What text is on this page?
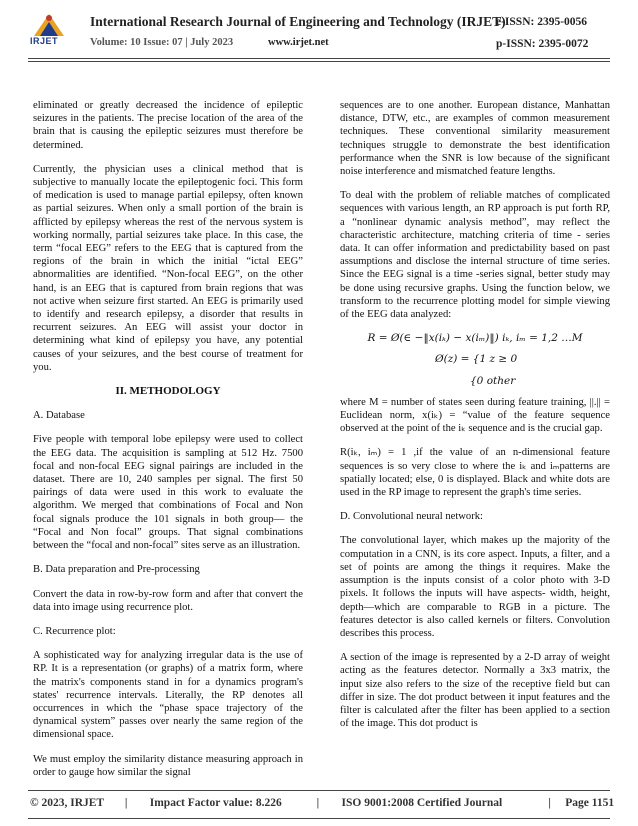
IRJET
International Research Journal of Engineering and Technology (IRJET)
e-ISSN: 2395-0056
Volume: 10 Issue: 07 | July 2023	www.irjet.net	p-ISSN: 2395-0072

eliminated or greatly decreased the incidence of epileptic seizures in the patients. The precise location of the area of the brain that is causing the epileptic seizures must therefore be determined.

Currently, the physician uses a clinical method that is subjective to manually locate the epileptogenic foci. This form of medication is used to manage partial epilepsy, often known as partial seizures. When only a small portion of the brain is afflicted by epilepsy whereas the rest of the nervous system is working normally, partial seizures take place. In this case, the term “focal EEG” refers to the EEG that is captured from the regions of the brain in which the initial “ictal EEG” abnormalities are identified. “Non-focal EEG”, on the other hand, is an EEG that is captured from brain regions that was not active when seizure first started. An EEG is primarily used to identify and research epilepsy, a disorder that results in recurrent seizures. An EEG will assist your doctor in determining what kind of epilepsy you have, any potential causes of your seizures, and the best course of treatment for you.

II. METHODOLOGY
A. Database

Five people with temporal lobe epilepsy were used to collect the EEG data. The acquisition is sampling at 512 Hz. 7500 focal and non-focal EEG signal pairings are included in the dataset. There are 10, 240 samples per signal. The first 50 pairings of data were used in this work to evaluate the algorithm. We merged that combinations of Focal and Non focal signals produce the 101 signals in both group— the “Focal and Non focal” groups. That signal combinations between the “focal and non-focal” sites serve as an illustration.

B. Data preparation and Pre-processing

Convert the data in row-by-row form and after that convert the data into image using recurrence plot.

C. Recurrence plot:

A sophisticated way for analyzing irregular data is the use of RP. It is a representation (or graphs) of a matrix form, where the matrix's components stand in for a dynamics program's states' recurrence intervals. Literally, the RP denotes all occurrences in which the “phase space trajectory of the dynamical system” passes over nearly the same region of the dimensional space.

We must employ the similarity distance measuring approach in order to gauge how similar the signal

sequences are to one another. European distance, Manhattan distance, DTW, etc., are examples of common measurement techniques. These conventional similarity measurement techniques struggle to demonstrate the best identification performance when the SNR is low because of the significant noise interference and mismatched feature lengths.

To deal with the problem of reliable matches of complicated sequences with various length, an RP approach is put forth RP, a “nonlinear dynamic analysis method”, may reflect the characteristic architecture, matching criteria of time - series data. It can offer information and predictability based on past assumptions and disclose the internal structure of time series. Since the EEG signal is a time -series signal, better study may be done using recursive graphs. Using the function below, we transform to the recurrence plotting model for simple viewing of the EEG data analyzed:

R = Ø(∈ −‖x(iₖ) − x(iₘ)‖) iₖ, iₘ = 1,2 …M
Ø(z) = {1 z ≥ 0
{0 other

where M = number of states seen during feature training, ||.|| = Euclidean norm, x(iₖ) = “value of the feature sequence observed at the point of the iₖ sequence and is the crucial gap.

R(iₖ, iₘ) = 1 ,if the value of an n-dimensional feature sequences is so very close to where the iₖ and iₘpatterns are spatially located; else, 0 is displayed. Black and white dots are used in the RP image to represent the graph's time series.

D. Convolutional neural network:

The convolutional layer, which makes up the majority of the computation in a CNN, is its core aspect. Inputs, a filter, and a set of points are among the things it requires. Make the assumption is the inputs consist of a color photo with 3-D pixels. It follows the inputs will have aspects- width, height, depth—which are comparable to RGB in a picture. The features detector is also called kernels or filters. Convolution describes this process.

A section of the image is represented by a 2-D array of weight acting as the features detector. Normally a 3x3 matrix, the input size also refers to the size of the receptive field but can differ in size. The dot product between it input features and the filter is calculated after the filter has been applied to a section of the image. This dot product is

© 2023, IRJET | Impact Factor value: 8.226	| ISO 9001:2008 Certified Journal	| Page 1151
